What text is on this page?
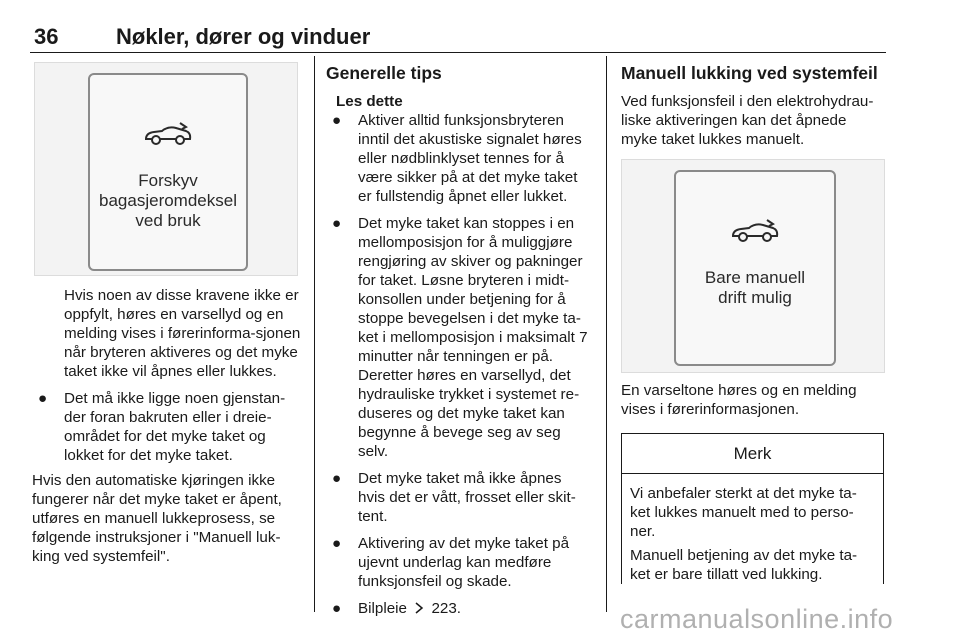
36	Nøkler, dører og vinduer
Forskyv
bagasjeromdeksel
ved bruk

Hvis noen av disse kravene ikke er oppfylt, høres en varsellyd og en melding vises i førerinforma-sjonen når bryteren aktiveres og det myke taket ikke vil åpnes eller lukkes.

● Det må ikke ligge noen gjenstan-der foran bakruten eller i dreie-området for det myke taket og lokket for det myke taket.

Hvis den automatiske kjøringen ikke fungerer når det myke taket er åpent, utføres en manuell lukkeprosess, se følgende instruksjoner i "Manuell luk-king ved systemfeil".

Generelle tips
Les dette
● Aktiver alltid funksjonsbryteren inntil det akustiske signalet høres eller nødblinklyset tennes for å være sikker på at det myke taket er fullstendig åpnet eller lukket.
● Det myke taket kan stoppes i en mellomposisjon for å muliggjøre rengjøring av skiver og pakninger for taket. Løsne bryteren i midt-konsollen under betjening for å stoppe bevegelsen i det myke ta-ket i mellomposisjon i maksimalt 7 minutter når tenningen er på. Deretter høres en varsellyd, det hydrauliske trykket i systemet re-duseres og det myke taket kan begynne å bevege seg av seg selv.
● Det myke taket må ikke åpnes hvis det er vått, frosset eller skit-tent.
● Aktivering av det myke taket på ujevnt underlag kan medføre funksjonsfeil og skade.
● Bilpleie 223.
Manuell lukking ved systemfeil

Ved funksjonsfeil i den elektrohydrau-liske aktiveringen kan det åpnede myke taket lukkes manuelt.

Bare manuell
drift mulig

En varseltone høres og en melding vises i førerinformasjonen.

Merk

Vi anbefaler sterkt at det myke ta-ket lukkes manuelt med to perso-ner.

Manuell betjening av det myke ta-ket er bare tillatt ved lukking.

carmanualsonline.info
